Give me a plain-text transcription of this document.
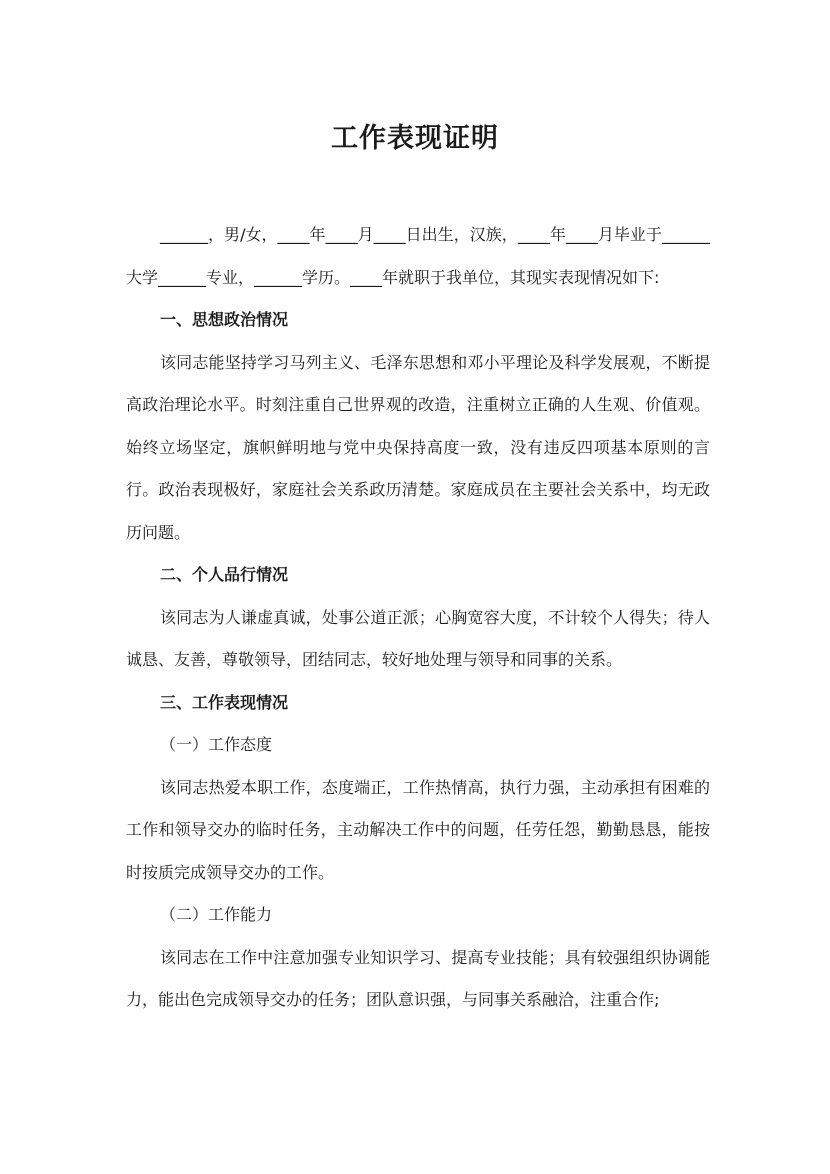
工作表现证明

______，男/女，____年____月____日出生，汉族，____年____月毕业于______大学______专业，______学历。____年就职于我单位，其现实表现情况如下:

一、思想政治情况

该同志能坚持学习马列主义、毛泽东思想和邓小平理论及科学发展观，不断提高政治理论水平。时刻注重自己世界观的改造，注重树立正确的人生观、价值观。始终立场坚定，旗帜鲜明地与党中央保持高度一致，没有违反四项基本原则的言行。政治表现极好，家庭社会关系政历清楚。家庭成员在主要社会关系中，均无政历问题。

二、个人品行情况

该同志为人谦虚真诚，处事公道正派；心胸宽容大度，不计较个人得失；待人诚恳、友善，尊敬领导，团结同志，较好地处理与领导和同事的关系。

三、工作表现情况

（一）工作态度

该同志热爱本职工作，态度端正，工作热情高，执行力强，主动承担有困难的工作和领导交办的临时任务，主动解决工作中的问题，任劳任怨，勤勤恳恳，能按时按质完成领导交办的工作。

（二）工作能力

该同志在工作中注意加强专业知识学习、提高专业技能；具有较强组织协调能力，能出色完成领导交办的任务；团队意识强，与同事关系融洽，注重合作;
